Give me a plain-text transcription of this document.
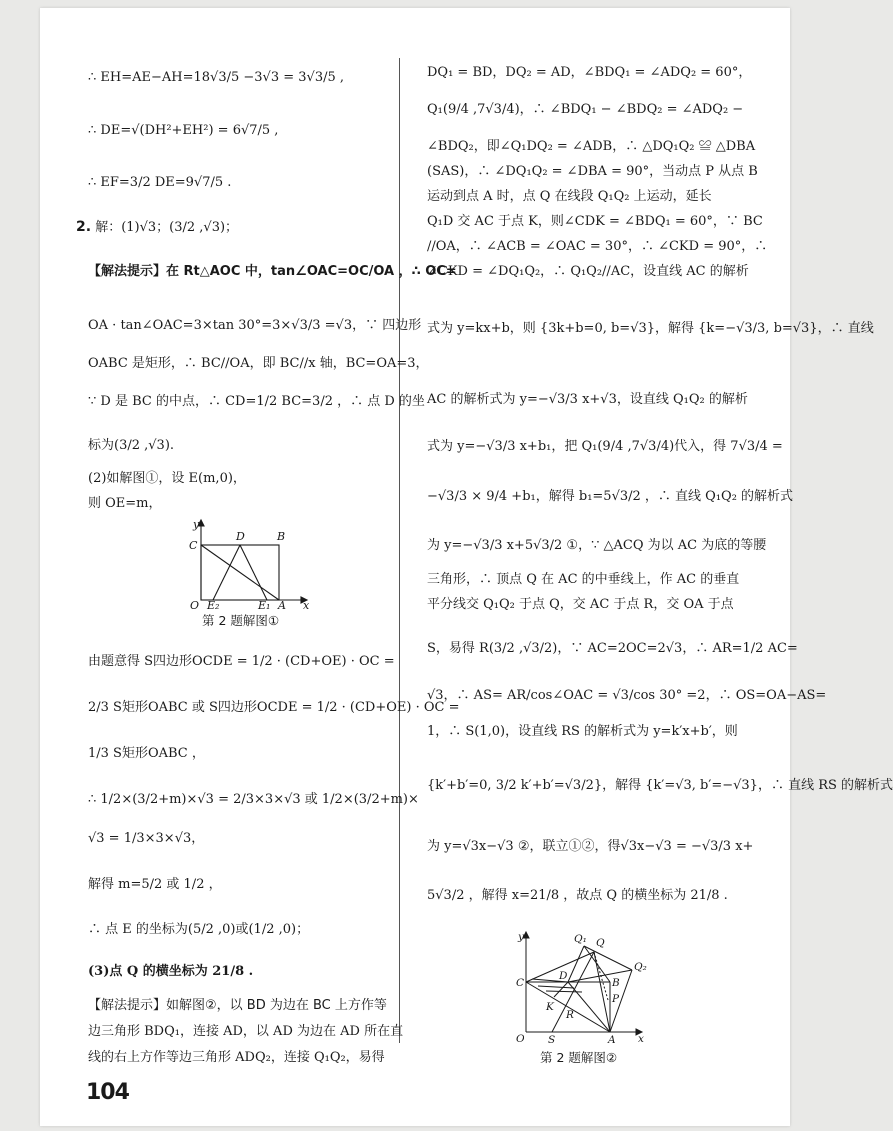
∴ EH=AE−AH=18√3/5 −3√3 = 3√3/5 ,
∴ DE=√(DH²+EH²) = 6√7/5 ,
∴ EF=3/2 DE=9√7/5 .
2. 解：(1)√3；(3/2 ,√3)；
【解法提示】在 Rt△AOC 中，tan∠OAC=OC/OA ，∴ OC=
OA · tan∠OAC=3×tan 30°=3×√3/3 =√3，∵ 四边形
OABC 是矩形，∴ BC//OA，即 BC//x 轴，BC=OA=3，
∵ D 是 BC 的中点，∴ CD=1/2 BC=3/2 ，∴ 点 D 的坐
标为(3/2 ,√3).
(2)如解图①，设 E(m,0)，
则 OE=m，
由题意得 S四边形OCDE = 1/2 · (CD+OE) · OC =
2/3 S矩形OABC 或 S四边形OCDE = 1/2 · (CD+OE) · OC =
1/3 S矩形OABC ，
∴ 1/2×(3/2+m)×√3 = 2/3×3×√3 或 1/2×(3/2+m)×
√3 = 1/3×3×√3，
解得 m=5/2 或 1/2 ，
∴ 点 E 的坐标为(5/2 ,0)或(1/2 ,0)；
(3)点 Q 的横坐标为 21/8 .
【解法提示】如解图②，以 BD 为边在 BC 上方作等
边三角形 BDQ₁，连接 AD，以 AD 为边在 AD 所在直
线的右上方作等边三角形 ADQ₂，连接 Q₁Q₂，易得
y
D	B
C
O E₂	E₁ A x
第 2 题解图①
DQ₁ = BD，DQ₂ = AD，∠BDQ₁ = ∠ADQ₂ = 60°，
Q₁(9/4 ,7√3/4)，∴ ∠BDQ₁ − ∠BDQ₂ = ∠ADQ₂ −
∠BDQ₂，即∠Q₁DQ₂ = ∠ADB，∴ △DQ₁Q₂ ≌ △DBA
(SAS)，∴ ∠DQ₁Q₂ = ∠DBA = 90°，当动点 P 从点 B
运动到点 A 时，点 Q 在线段 Q₁Q₂ 上运动，延长
Q₁D 交 AC 于点 K，则∠CDK = ∠BDQ₁ = 60°，∵ BC
//OA，∴ ∠ACB = ∠OAC = 30°，∴ ∠CKD = 90°，∴
∠CKD = ∠DQ₁Q₂，∴ Q₁Q₂//AC，设直线 AC 的解析
式为 y=kx+b，则 {3k+b=0, b=√3}，解得 {k=−√3/3, b=√3}，∴ 直线
AC 的解析式为 y=−√3/3 x+√3，设直线 Q₁Q₂ 的解析
式为 y=−√3/3 x+b₁，把 Q₁(9/4 ,7√3/4)代入，得 7√3/4 =
−√3/3 × 9/4 +b₁，解得 b₁=5√3/2 ，∴ 直线 Q₁Q₂ 的解析式
为 y=−√3/3 x+5√3/2 ①，∵ △ACQ 为以 AC 为底的等腰
三角形，∴ 顶点 Q 在 AC 的中垂线上，作 AC 的垂直
平分线交 Q₁Q₂ 于点 Q，交 AC 于点 R，交 OA 于点
S，易得 R(3/2 ,√3/2)，∵ AC=2OC=2√3，∴ AR=1/2 AC=
√3，∴ AS= AR/cos∠OAC = √3/cos 30° =2，∴ OS=OA−AS=
1，∴ S(1,0)，设直线 RS 的解析式为 y=k′x+b′，则
{k′+b′=0, 3/2 k′+b′=√3/2}，解得 {k′=√3, b′=−√3}，∴ 直线 RS 的解析式
为 y=√3x−√3 ②，联立①②，得√3x−√3 = −√3/3 x+
5√3/2 ，解得 x=21/8 ，故点 Q 的横坐标为 21/8 .
y	Q₁ Q
Q₂
C
D
B
P
K
R
O S	A x
第 2 题解图②
104
